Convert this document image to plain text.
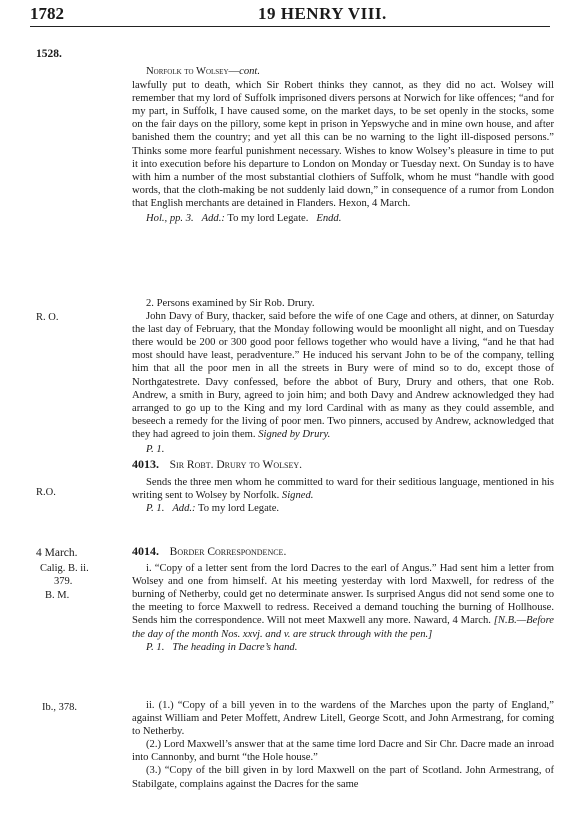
1782	19 HENRY VIII.
1528.
R. O.
R.O.
4 March.
Calig. B. ii.
379.
B. M.
Ib., 378.

Norfolk to Wolsey—cont.

lawfully put to death, which Sir Robert thinks they cannot, as they did no act. Wolsey will remember that my lord of Suffolk imprisoned divers persons at Norwich for like offences; “and for my part, in Suffolk, I have caused some, on the market days, to be set openly in the stocks, some on the fair days on the pillory, some kept in prison in Yepswyche and in mine own house, and after banished them the country; and yet all this can be no warning to the light ill-disposed persons.” Thinks some more fearful punishment necessary. Wishes to know Wolsey’s pleasure in time to put it into execution before his departure to London on Monday or Tuesday next. On Sunday is to have with him a number of the most substantial clothiers of Suffolk, whom he must “handle with good words, that the cloth-making be not suddenly laid down,” in consequence of a rumor from London that English merchants are detained in Flanders. Hexon, 4 March.

Hol., pp. 3. Add.: To my lord Legate. Endd.

2. Persons examined by Sir Rob. Drury.

John Davy of Bury, thacker, said before the wife of one Cage and others, at dinner, on Saturday the last day of February, that the Monday following would be moonlight all night, and on Tuesday there would be 200 or 300 good poor fellows together who would have a living, “and he that had most should have least, peradventure.” He induced his servant John to be of the company, telling him that all the poor men in all the streets in Bury were of mind so to do, except those of Northgatestrete. Davy confessed, before the abbot of Bury, Drury and others, that one Rob. Andrew, a smith in Bury, agreed to join him; and both Davy and Andrew acknowledged they had arranged to go up to the King and my lord Cardinal with as many as they could assemble, and beseech a remedy for the living of poor men. Two pinners, accused by Andrew, acknowledged that they had agreed to join them. Signed by Drury.

P. 1.

4013. Sir Robt. Drury to Wolsey.

Sends the three men whom he committed to ward for their seditious language, mentioned in his writing sent to Wolsey by Norfolk. Signed.

P. 1. Add.: To my lord Legate.

4014. Border Correspondence.

i. “Copy of a letter sent from the lord Dacres to the earl of Angus.” Had sent him a letter from Wolsey and one from himself. At his meeting yesterday with lord Maxwell, for redress of the burning of Netherby, could get no determinate answer. Is surprised Angus did not send some one to the meeting to force Maxwell to redress. Received a demand touching the burning of Hollhouse. Sends him the correspondence. Will not meet Maxwell any more. Naward, 4 March. [N.B.—Before the day of the month Nos. xxvj. and v. are struck through with the pen.]

P. 1. The heading in Dacre’s hand.

ii. (1.) “Copy of a bill yeven in to the wardens of the Marches upon the party of England,” against William and Peter Moffett, Andrew Litell, George Scott, and John Armestrang, for coming to Netherby.

(2.) Lord Maxwell’s answer that at the same time lord Dacre and Sir Chr. Dacre made an inroad into Cannonby, and burnt “the Hole house.”

(3.) “Copy of the bill given in by lord Maxwell on the part of Scotland. John Armestrang, of Stabilgate, complains against the Dacres for the same
